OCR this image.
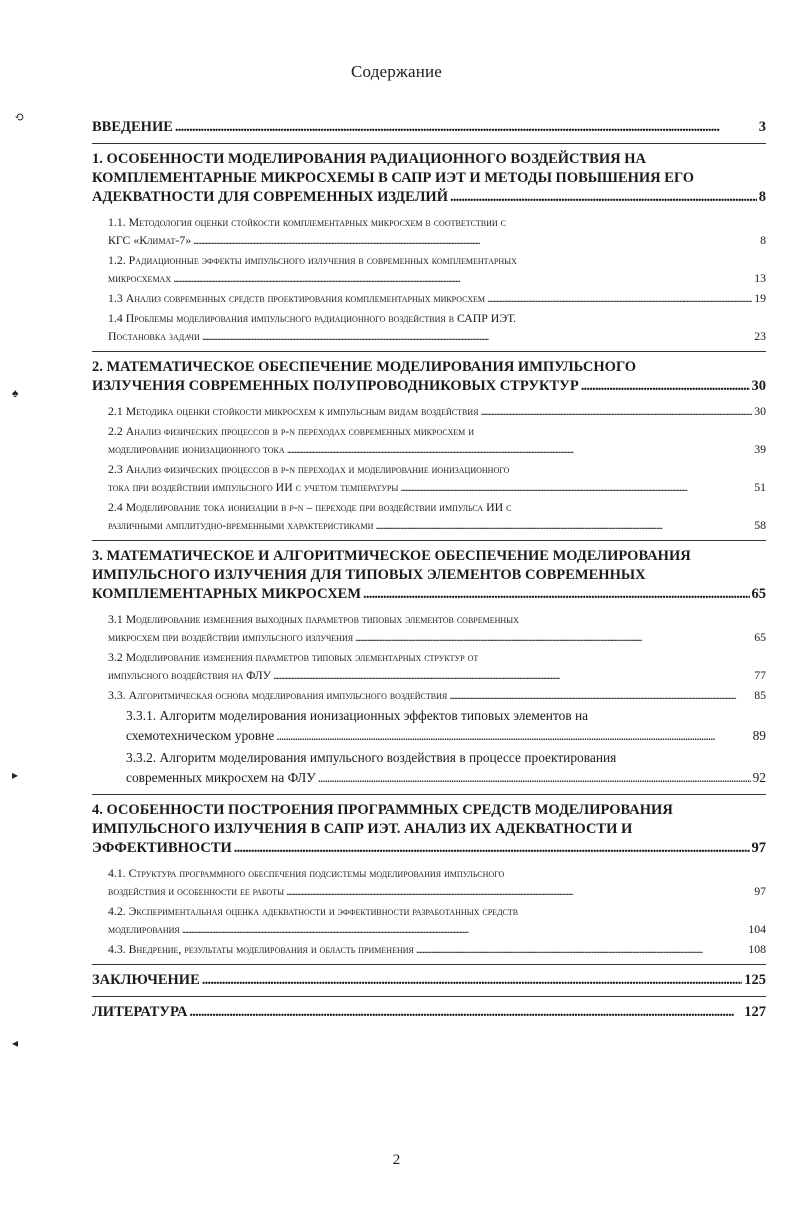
Содержание
ВВЕДЕНИЕ . . .	3
1. ОСОБЕННОСТИ МОДЕЛИРОВАНИЯ РАДИАЦИОННОГО ВОЗДЕЙСТВИЯ НА
КОМПЛЕМЕНТАРНЫЕ МИКРОСХЕМЫ В САПР ИЭТ И МЕТОДЫ ПОВЫШЕНИЯ ЕГО
АДЕКВАТНОСТИ ДЛЯ СОВРЕМЕННЫХ ИЗДЕЛИЙ . . .	8
1.1. Методология оценки стойкости комплементарных микросхем в соответствии с
КГС «Климат-7» . . .	8
1.2. Радиационные эффекты импульсного излучения в современных комплементарных
микросхемах . . .	13
1.3 Анализ современных средств проектирования комплементарных микросхем . . .	19
1.4 Проблемы моделирования импульсного радиационного воздействия в САПР ИЭТ.
Постановка задачи . . .	23
2. МАТЕМАТИЧЕСКОЕ ОБЕСПЕЧЕНИЕ МОДЕЛИРОВАНИЯ ИМПУЛЬСНОГО
ИЗЛУЧЕНИЯ СОВРЕМЕННЫХ ПОЛУПРОВОДНИКОВЫХ СТРУКТУР . . .	30
2.1 Методика оценки стойкости микросхем к импульсным видам воздействия . . .	30
2.2 Анализ физических процессов в p-n переходах современных микросхем и
моделирование ионизационного тока . . .	39
2.3 Анализ физических процессов в p-n переходах и моделирование ионизационного
тока при воздействии импульсного ИИ с учетом температуры . . .	51
2.4 Моделирование тока ионизации в p-n – переходе при воздействии импульса ИИ с
различными амплитудно-временными характеристиками . . .	58
3. МАТЕМАТИЧЕСКОЕ И АЛГОРИТМИЧЕСКОЕ ОБЕСПЕЧЕНИЕ МОДЕЛИРОВАНИЯ
ИМПУЛЬСНОГО ИЗЛУЧЕНИЯ ДЛЯ ТИПОВЫХ ЭЛЕМЕНТОВ СОВРЕМЕННЫХ
КОМПЛЕМЕНТАРНЫХ МИКРОСХЕМ . . .	65
3.1 Моделирование изменения выходных параметров типовых элементов современных
микросхем при воздействии импульсного излучения . . .	65
3.2 Моделирование изменения параметров типовых элементарных структур от
импульсного воздействия на ФЛУ . . .	77
3.3. Алгоритмическая основа моделирования импульсного воздействия . . .	85
3.3.1. Алгоритм моделирования ионизационных эффектов типовых элементов на
схемотехническом уровне . . .	89
3.3.2. Алгоритм моделирования импульсного воздействия в процессе проектирования
современных микросхем на ФЛУ . . .	92
4. ОСОБЕННОСТИ ПОСТРОЕНИЯ ПРОГРАММНЫХ СРЕДСТВ МОДЕЛИРОВАНИЯ
ИМПУЛЬСНОГО ИЗЛУЧЕНИЯ В САПР ИЭТ. АНАЛИЗ ИХ АДЕКВАТНОСТИ И
ЭФФЕКТИВНОСТИ . . .	97
4.1. Структура программного обеспечения подсистемы моделирования импульсного
воздействия и особенности ее работы . . .	97
4.2. Экспериментальная оценка адекватности и эффективности разработанных средств
моделирования . . .	104
4.3. Внедрение, результаты моделирования и область применения . . .	108
ЗАКЛЮЧЕНИЕ . . .	125
ЛИТЕРАТУРА . . .	127
2
⟲
♠
▸
◂
